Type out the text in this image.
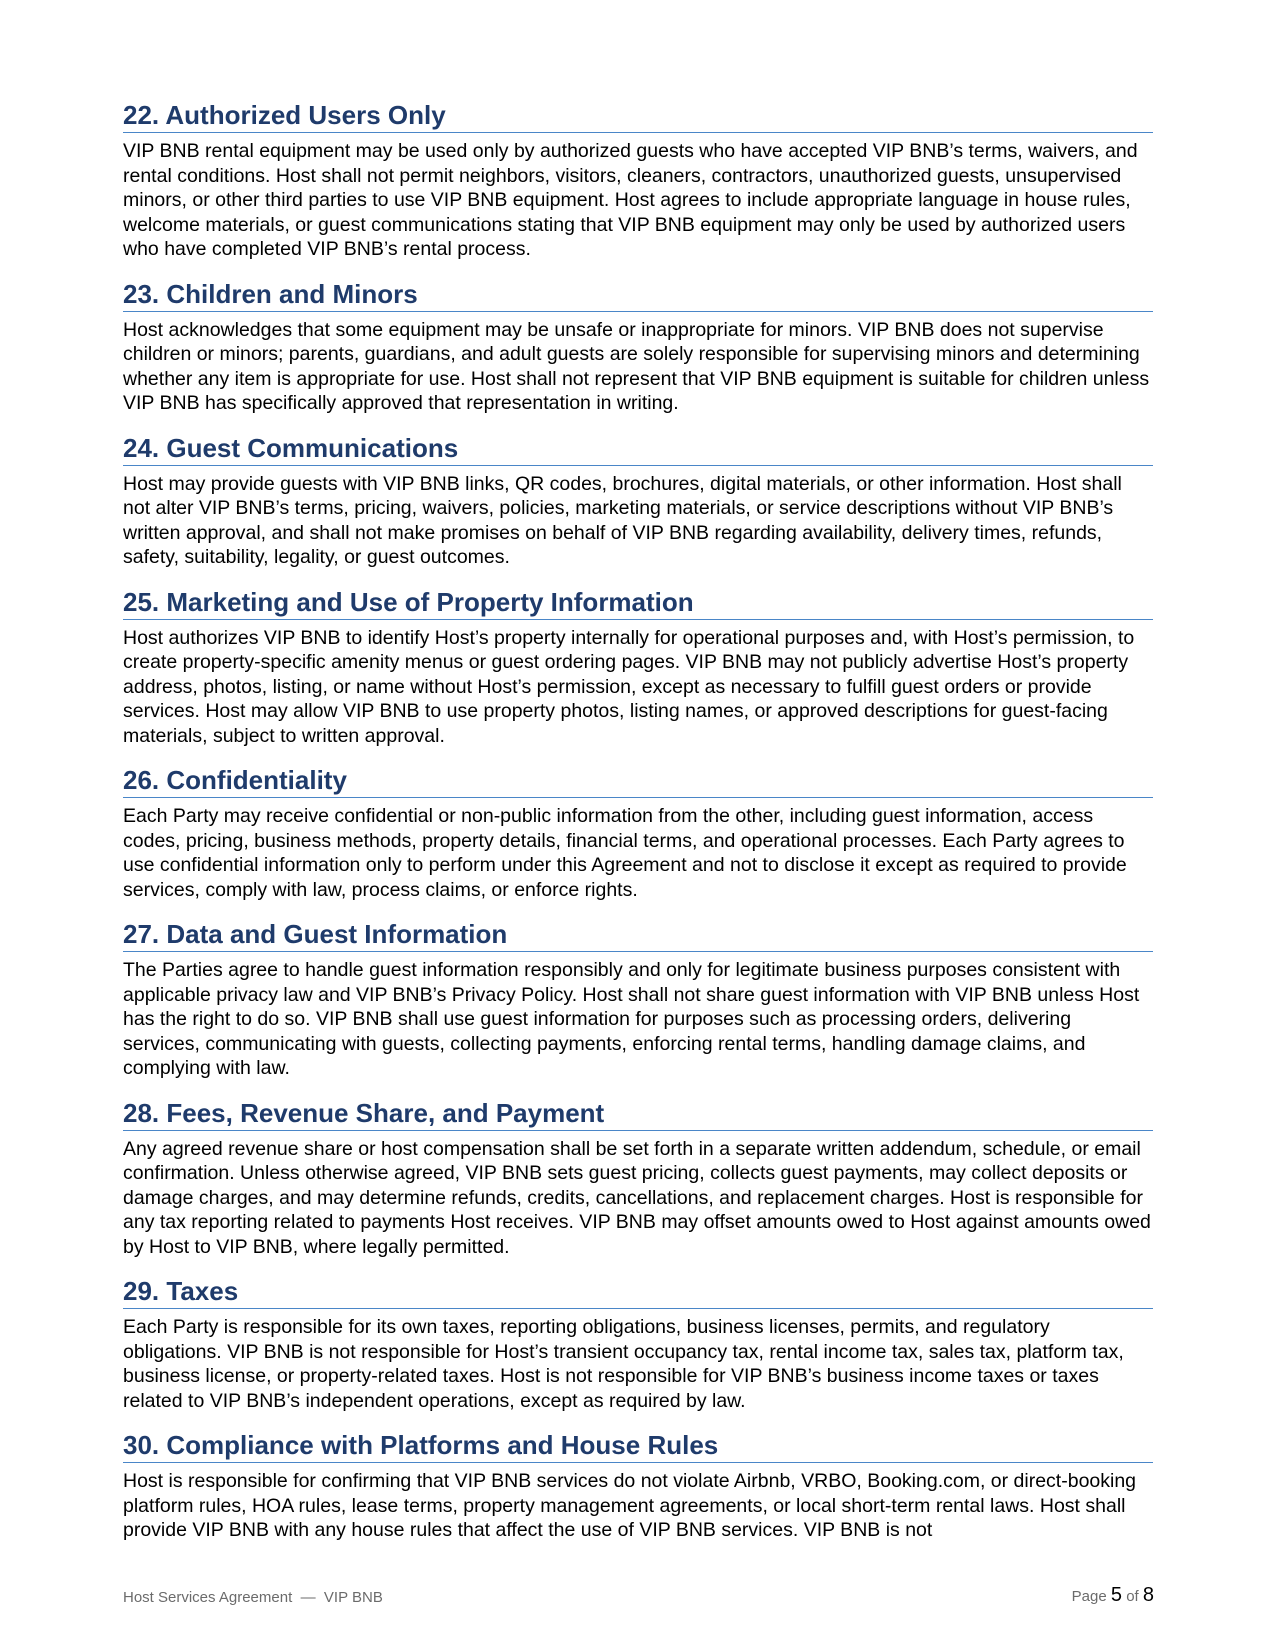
22. Authorized Users Only

VIP BNB rental equipment may be used only by authorized guests who have accepted VIP BNB’s terms, waivers, and rental conditions. Host shall not permit neighbors, visitors, cleaners, contractors, unauthorized guests, unsupervised minors, or other third parties to use VIP BNB equipment. Host agrees to include appropriate language in house rules, welcome materials, or guest communications stating that VIP BNB equipment may only be used by authorized users who have completed VIP BNB’s rental process.

23. Children and Minors

Host acknowledges that some equipment may be unsafe or inappropriate for minors. VIP BNB does not supervise children or minors; parents, guardians, and adult guests are solely responsible for supervising minors and determining whether any item is appropriate for use. Host shall not represent that VIP BNB equipment is suitable for children unless VIP BNB has specifically approved that representation in writing.

24. Guest Communications

Host may provide guests with VIP BNB links, QR codes, brochures, digital materials, or other information. Host shall not alter VIP BNB’s terms, pricing, waivers, policies, marketing materials, or service descriptions without VIP BNB’s written approval, and shall not make promises on behalf of VIP BNB regarding availability, delivery times, refunds, safety, suitability, legality, or guest outcomes.

25. Marketing and Use of Property Information

Host authorizes VIP BNB to identify Host’s property internally for operational purposes and, with Host’s permission, to create property-specific amenity menus or guest ordering pages. VIP BNB may not publicly advertise Host’s property address, photos, listing, or name without Host’s permission, except as necessary to fulfill guest orders or provide services. Host may allow VIP BNB to use property photos, listing names, or approved descriptions for guest-facing materials, subject to written approval.

26. Confidentiality

Each Party may receive confidential or non-public information from the other, including guest information, access codes, pricing, business methods, property details, financial terms, and operational processes. Each Party agrees to use confidential information only to perform under this Agreement and not to disclose it except as required to provide services, comply with law, process claims, or enforce rights.

27. Data and Guest Information

The Parties agree to handle guest information responsibly and only for legitimate business purposes consistent with applicable privacy law and VIP BNB’s Privacy Policy. Host shall not share guest information with VIP BNB unless Host has the right to do so. VIP BNB shall use guest information for purposes such as processing orders, delivering services, communicating with guests, collecting payments, enforcing rental terms, handling damage claims, and complying with law.

28. Fees, Revenue Share, and Payment

Any agreed revenue share or host compensation shall be set forth in a separate written addendum, schedule, or email confirmation. Unless otherwise agreed, VIP BNB sets guest pricing, collects guest payments, may collect deposits or damage charges, and may determine refunds, credits, cancellations, and replacement charges. Host is responsible for any tax reporting related to payments Host receives. VIP BNB may offset amounts owed to Host against amounts owed by Host to VIP BNB, where legally permitted.

29. Taxes

Each Party is responsible for its own taxes, reporting obligations, business licenses, permits, and regulatory obligations. VIP BNB is not responsible for Host’s transient occupancy tax, rental income tax, sales tax, platform tax, business license, or property-related taxes. Host is not responsible for VIP BNB’s business income taxes or taxes related to VIP BNB’s independent operations, except as required by law.

30. Compliance with Platforms and House Rules

Host is responsible for confirming that VIP BNB services do not violate Airbnb, VRBO, Booking.com, or direct-booking platform rules, HOA rules, lease terms, property management agreements, or local short-term rental laws. Host shall provide VIP BNB with any house rules that affect the use of VIP BNB services. VIP BNB is not

Host Services Agreement  —  VIP BNB	Page 5 of 8
